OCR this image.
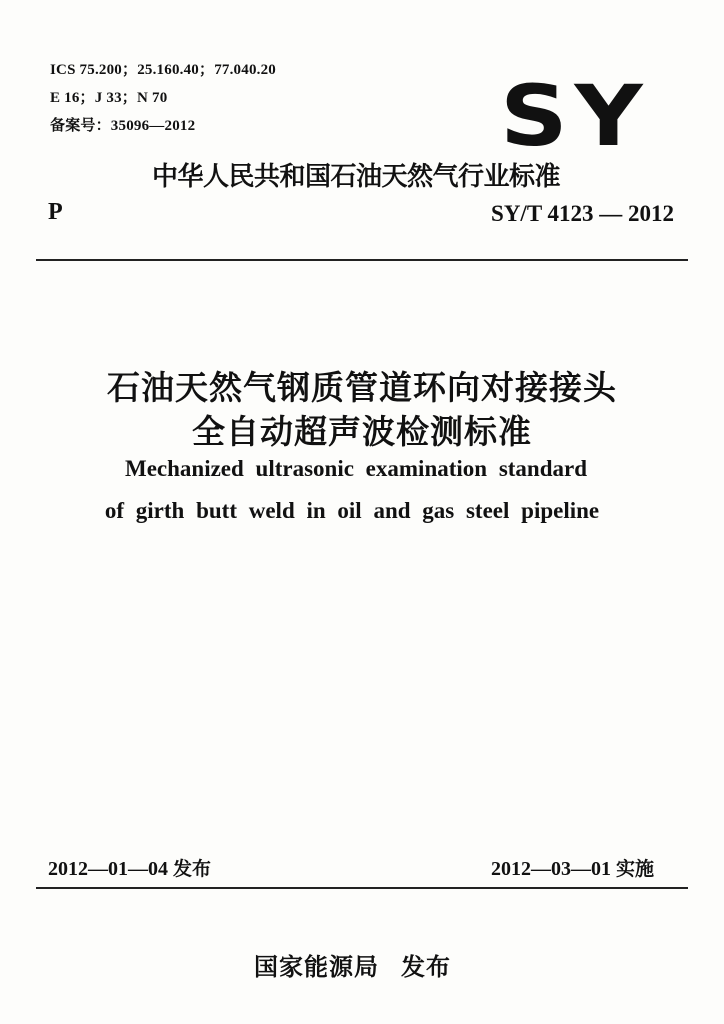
ICS 75.200；25.160.40；77.040.20
E 16；J 33；N 70
备案号：35096—2012	SY
中华人民共和国石油天然气行业标准
P	SY/T 4123 — 2012
石油天然气钢质管道环向对接接头
全自动超声波检测标准
Mechanized ultrasonic examination standard
of girth butt weld in oil and gas steel pipeline
2012—01—04 发布	2012—03—01 实施
国家能源局 发布
